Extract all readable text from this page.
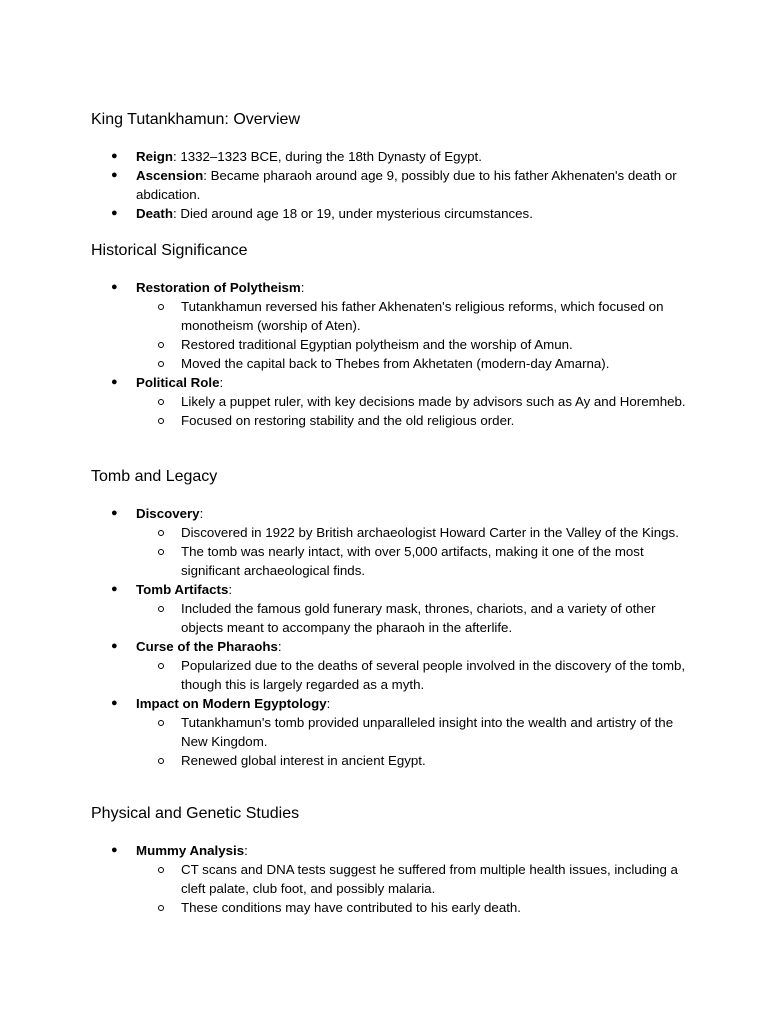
King Tutankhamun: Overview
● Reign: 1332–1323 BCE, during the 18th Dynasty of Egypt.
● Ascension: Became pharaoh around age 9, possibly due to his father Akhenaten's death or abdication.
● Death: Died around age 18 or 19, under mysterious circumstances.
Historical Significance
● Restoration of Polytheism:
Tutankhamun reversed his father Akhenaten's religious reforms, which focused on monotheism (worship of Aten).
Restored traditional Egyptian polytheism and the worship of Amun.
Moved the capital back to Thebes from Akhetaten (modern-day Amarna).
● Political Role:
Likely a puppet ruler, with key decisions made by advisors such as Ay and Horemheb.
Focused on restoring stability and the old religious order.
Tomb and Legacy
● Discovery:
Discovered in 1922 by British archaeologist Howard Carter in the Valley of the Kings.
The tomb was nearly intact, with over 5,000 artifacts, making it one of the most significant archaeological finds.
● Tomb Artifacts:
Included the famous gold funerary mask, thrones, chariots, and a variety of other objects meant to accompany the pharaoh in the afterlife.
● Curse of the Pharaohs:
Popularized due to the deaths of several people involved in the discovery of the tomb, though this is largely regarded as a myth.
● Impact on Modern Egyptology:
Tutankhamun's tomb provided unparalleled insight into the wealth and artistry of the New Kingdom.
Renewed global interest in ancient Egypt.
Physical and Genetic Studies
● Mummy Analysis:
CT scans and DNA tests suggest he suffered from multiple health issues, including a cleft palate, club foot, and possibly malaria.
These conditions may have contributed to his early death.
